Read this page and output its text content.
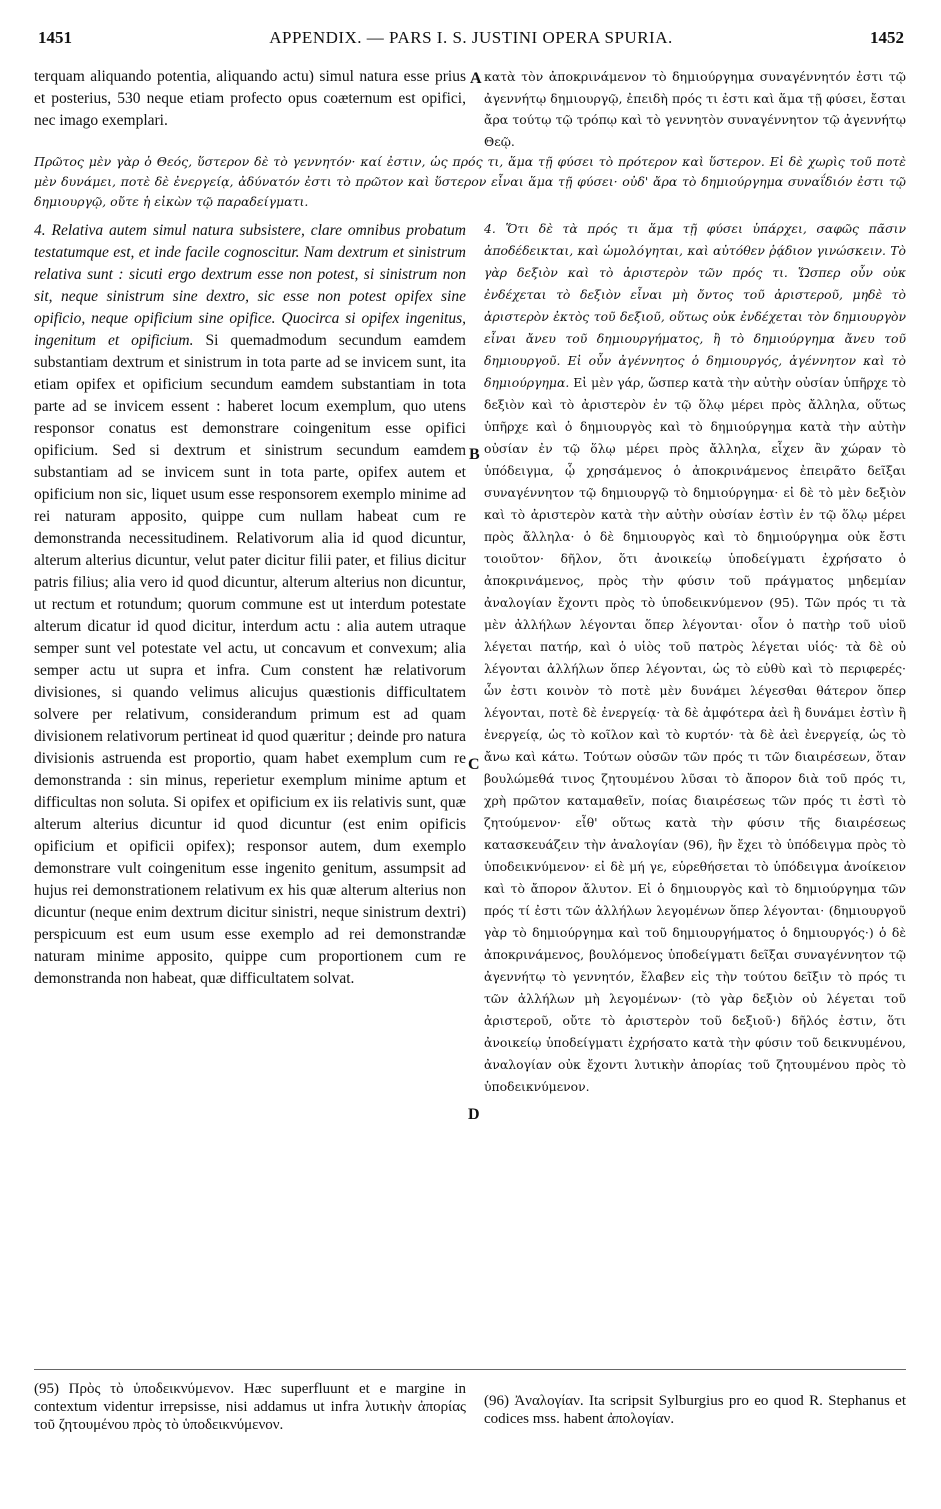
1451	APPENDIX. — PARS I. S. JUSTINI OPERA SPURIA.	1452
terquam aliquando potentia, aliquando actu) simul natura esse prius et posterius, 530 neque etiam profecto opus coæternum est opifici, nec imago exemplari.
κατὰ τὸν ἀποκρινάμενον τὸ δημιούργημα συναγέννητόν ἐστι τῷ ἀγεννήτῳ δημιουργῷ, ἐπειδὴ πρός τι ἐστι καὶ ἅμα τῇ φύσει, ἔσται ἄρα τούτῳ τῷ τρόπῳ καὶ τὸ γεννητὸν συναγέννητον τῷ ἀγεννήτῳ Θεῷ.
Πρῶτος μὲν γὰρ ὁ Θεός, ὕστερον δὲ τὸ γεννητόν· καί ἐστιν, ὡς πρός τι, ἅμα τῇ φύσει τὸ πρότερον καὶ ὕστερον. Εἰ δὲ χωρὶς τοῦ ποτὲ μὲν δυνάμει, ποτὲ δὲ ἐνεργείᾳ, ἀδύνατόν ἐστι τὸ πρῶτον καὶ ὕστερον εἶναι ἅμα τῇ φύσει· οὐδ' ἄρα τὸ δημιούργημα συναΐδιόν ἐστι τῷ δημιουργῷ, οὔτε ἡ εἰκὼν τῷ παραδείγματι.
4. Relativa autem simul natura subsistere, clare omnibus probatum testatumque est, et inde facile cognoscitur. Nam dextrum et sinistrum relativa sunt : sicuti ergo dextrum esse non potest, si sinistrum non sit, neque sinistrum sine dextro, sic esse non potest opifex sine opificio, neque opificium sine opifice. Quocirca si opifex ingenitus, ingenitum et opificium. Si quemadmodum secundum eamdem substantiam dextrum et sinistrum in tota parte ad se invicem sunt, ita etiam opifex et opificium secundum eamdem substantiam in tota parte ad se invicem essent : haberet locum exemplum, quo utens responsor conatus est demonstrare coingenitum esse opifici opificium. Sed si dextrum et sinistrum secundum eamdem substantiam ad se invicem sunt in tota parte, opifex autem et opificium non sic, liquet usum esse responsorem exemplo minime ad rei naturam apposito, quippe cum nullam habeat cum re demonstranda necessitudinem. Relativorum alia id quod dicuntur, alterum alterius dicuntur, velut pater dicitur filii pater, et filius dicitur patris filius; alia vero id quod dicuntur, alterum alterius non dicuntur, ut rectum et rotundum; quorum commune est ut interdum potestate alterum dicatur id quod dicitur, interdum actu : alia autem utraque semper sunt vel potestate vel actu, ut concavum et convexum; alia semper actu ut supra et infra. Cum constent hæ relativorum divisiones, si quando velimus alicujus quæstionis difficultatem solvere per relativum, considerandum primum est ad quam divisionem relativorum pertineat id quod quæritur ; deinde pro natura divisionis astruenda est proportio, quam habet exemplum cum re demonstranda : sin minus, reperietur exemplum minime aptum et difficultas non soluta. Si opifex et opificium ex iis relativis sunt, quæ alterum alterius dicuntur id quod dicuntur (est enim opificis opificium et opificii opifex); responsor autem, dum exemplo demonstrare vult coingenitum esse ingenito genitum, assumpsit ad hujus rei demonstrationem relativum ex his quæ alterum alterius non dicuntur (neque enim dextrum dicitur sinistri, neque sinistrum dextri) perspicuum est eum usum esse exemplo ad rei demonstrandæ naturam minime apposito, quippe cum proportionem cum re demonstranda non habeat, quæ difficultatem solvat.
4. Ὅτι δὲ τὰ πρός τι ἅμα τῇ φύσει ὑπάρχει, σαφῶς πᾶσιν ἀποδέδεικται, καὶ ὡμολόγηται, καὶ αὐτόθεν ῥᾴδιον γινώσκειν. Τὸ γὰρ δεξιὸν καὶ τὸ ἀριστερὸν τῶν πρός τι. Ὥσπερ οὖν οὐκ ἐνδέχεται τὸ δεξιὸν εἶναι μὴ ὄντος τοῦ ἀριστεροῦ, μηδὲ τὸ ἀριστερὸν ἐκτὸς τοῦ δεξιοῦ, οὕτως οὐκ ἐνδέχεται τὸν δημιουργὸν εἶναι ἄνευ τοῦ δημιουργήματος, ἢ τὸ δημιούργημα ἄνευ τοῦ δημιουργοῦ. Εἰ οὖν ἀγέννητος ὁ δημιουργός, ἀγέννητον καὶ τὸ δημιούργημα. Εἰ μὲν γάρ, ὥσπερ κατὰ τὴν αὐτὴν οὐσίαν ὑπῆρχε τὸ δεξιὸν καὶ τὸ ἀριστερὸν ἐν τῷ ὅλῳ μέρει πρὸς ἄλληλα, οὕτως ὑπῆρχε καὶ ὁ δημιουργὸς καὶ τὸ δημιούργημα κατὰ τὴν αὐτὴν οὐσίαν ἐν τῷ ὅλῳ μέρει πρὸς ἄλληλα, εἶχεν ἂν χώραν τὸ ὑπόδειγμα, ᾧ χρησάμενος ὁ ἀποκρινάμενος ἐπειρᾶτο δεῖξαι συναγέννητον τῷ δημιουργῷ τὸ δημιούργημα· εἰ δὲ τὸ μὲν δεξιὸν καὶ τὸ ἀριστερὸν κατὰ τὴν αὐτὴν οὐσίαν ἐστὶν ἐν τῷ ὅλῳ μέρει πρὸς ἄλληλα· ὁ δὲ δημιουργὸς καὶ τὸ δημιούργημα οὐκ ἔστι τοιοῦτον· δῆλον, ὅτι ἀνοικείῳ ὑποδείγματι ἐχρήσατο ὁ ἀποκρινάμενος, πρὸς τὴν φύσιν τοῦ πράγματος μηδεμίαν ἀναλογίαν ἔχοντι πρὸς τὸ ὑποδεικνύμενον (95). Τῶν πρός τι τὰ μὲν ἀλλήλων λέγονται ὅπερ λέγονται· οἷον ὁ πατὴρ τοῦ υἱοῦ λέγεται πατήρ, καὶ ὁ υἱὸς τοῦ πατρὸς λέγεται υἱός· τὰ δὲ οὐ λέγονται ἀλλήλων ὅπερ λέγονται, ὡς τὸ εὐθὺ καὶ τὸ περιφερές· ὧν ἐστι κοινὸν τὸ ποτὲ μὲν δυνάμει λέγεσθαι θάτερον ὅπερ λέγονται, ποτὲ δὲ ἐνεργείᾳ· τὰ δὲ ἀμφότερα ἀεὶ ἢ δυνάμει ἐστὶν ἢ ἐνεργείᾳ, ὡς τὸ κοῖλον καὶ τὸ κυρτόν· τὰ δὲ ἀεὶ ἐνεργείᾳ, ὡς τὸ ἄνω καὶ κάτω. Τούτων οὐσῶν τῶν πρός τι τῶν διαιρέσεων, ὅταν βουλώμεθά τινος ζητουμένου λῦσαι τὸ ἄπορον διὰ τοῦ πρός τι, χρὴ πρῶτον καταμαθεῖν, ποίας διαιρέσεως τῶν πρός τι ἐστὶ τὸ ζητούμενον· εἶθ' οὕτως κατὰ τὴν φύσιν τῆς διαιρέσεως κατασκευάζειν τὴν ἀναλογίαν (96), ἣν ἔχει τὸ ὑπόδειγμα πρὸς τὸ ὑποδεικνύμενον· εἰ δὲ μή γε, εὑρεθήσεται τὸ ὑπόδειγμα ἀνοίκειον καὶ τὸ ἄπορον ἄλυτον. Εἰ ὁ δημιουργὸς καὶ τὸ δημιούργημα τῶν πρός τί ἐστι τῶν ἀλλήλων λεγομένων ὅπερ λέγονται· (δημιουργοῦ γὰρ τὸ δημιούργημα καὶ τοῦ δημιουργήματος ὁ δημιουργός·) ὁ δὲ ἀποκρινάμενος, βουλόμενος ὑποδείγματι δεῖξαι συναγέννητον τῷ ἀγεννήτῳ τὸ γεννητόν, ἔλαβεν εἰς τὴν τούτου δεῖξιν τὸ πρός τι τῶν ἀλλήλων μὴ λεγομένων· (τὸ γὰρ δεξιὸν οὐ λέγεται τοῦ ἀριστεροῦ, οὔτε τὸ ἀριστερὸν τοῦ δεξιοῦ·) δῆλός ἐστιν, ὅτι ἀνοικείῳ ὑποδείγματι ἐχρήσατο κατὰ τὴν φύσιν τοῦ δεικνυμένου, ἀναλογίαν οὐκ ἔχοντι λυτικὴν ἀπορίας τοῦ ζητουμένου πρὸς τὸ ὑποδεικνύμενον.
A
B
C
D
(95) Πρὸς τὸ ὑποδεικνύμενον. Hæc superfluunt et e margine in contextum videntur irrepsisse, nisi addamus ut infra λυτικὴν ἀπορίας τοῦ ζητουμένου πρὸς τὸ ὑποδεικνύμενον.
(96) Ἀναλογίαν. Ita scripsit Sylburgius pro eo quod R. Stephanus et codices mss. habent ἀπολογίαν.
